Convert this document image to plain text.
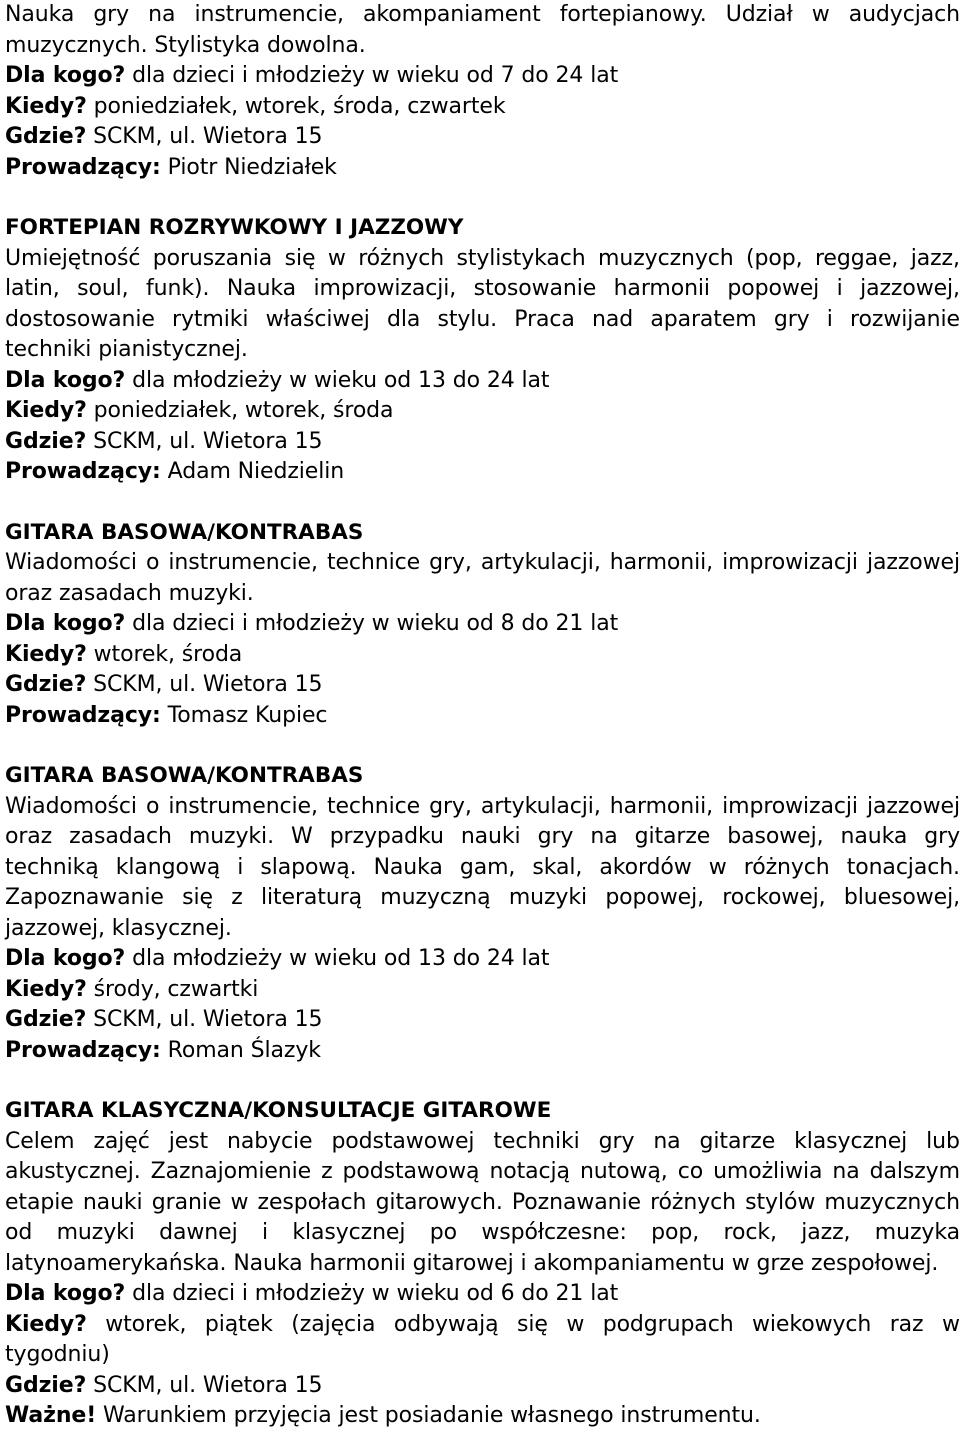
Nauka gry na instrumencie, akompaniament fortepianowy. Udział w audycjach
muzycznych. Stylistyka dowolna.
Dla kogo? dla dzieci i młodzieży w wieku od 7 do 24 lat
Kiedy? poniedziałek, wtorek, środa, czwartek
Gdzie? SCKM, ul. Wietora 15
Prowadzący: Piotr Niedziałek
FORTEPIAN ROZRYWKOWY I JAZZOWY
Umiejętność poruszania się w różnych stylistykach muzycznych (pop, reggae, jazz,
latin, soul, funk). Nauka improwizacji, stosowanie harmonii popowej i jazzowej,
dostosowanie rytmiki właściwej dla stylu. Praca nad aparatem gry i rozwijanie
techniki pianistycznej.
Dla kogo? dla młodzieży w wieku od 13 do 24 lat
Kiedy? poniedziałek, wtorek, środa
Gdzie? SCKM, ul. Wietora 15
Prowadzący: Adam Niedzielin
GITARA BASOWA/KONTRABAS
Wiadomości o instrumencie, technice gry, artykulacji, harmonii, improwizacji jazzowej
oraz zasadach muzyki.
Dla kogo? dla dzieci i młodzieży w wieku od 8 do 21 lat
Kiedy? wtorek, środa
Gdzie? SCKM, ul. Wietora 15
Prowadzący: Tomasz Kupiec
GITARA BASOWA/KONTRABAS
Wiadomości o instrumencie, technice gry, artykulacji, harmonii, improwizacji jazzowej
oraz zasadach muzyki. W przypadku nauki gry na gitarze basowej, nauka gry
techniką klangową i slapową. Nauka gam, skal, akordów w różnych tonacjach.
Zapoznawanie się z literaturą muzyczną muzyki popowej, rockowej, bluesowej,
jazzowej, klasycznej.
Dla kogo? dla młodzieży w wieku od 13 do 24 lat
Kiedy? środy, czwartki
Gdzie? SCKM, ul. Wietora 15
Prowadzący: Roman Ślazyk
GITARA KLASYCZNA/KONSULTACJE GITAROWE
Celem zajęć jest nabycie podstawowej techniki gry na gitarze klasycznej lub
akustycznej. Zaznajomienie z podstawową notacją nutową, co umożliwia na dalszym
etapie nauki granie w zespołach gitarowych. Poznawanie różnych stylów muzycznych
od muzyki dawnej i klasycznej po współczesne: pop, rock, jazz, muzyka
latynoamerykańska. Nauka harmonii gitarowej i akompaniamentu w grze zespołowej.
Dla kogo? dla dzieci i młodzieży w wieku od 6 do 21 lat
Kiedy? wtorek, piątek (zajęcia odbywają się w podgrupach wiekowych raz w
tygodniu)
Gdzie? SCKM, ul. Wietora 15
Ważne! Warunkiem przyjęcia jest posiadanie własnego instrumentu.
